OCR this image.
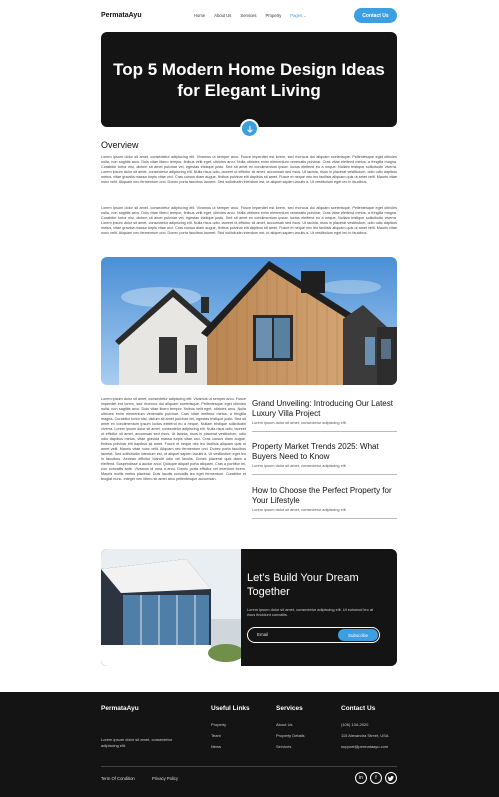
PermataAyu	Home About Us Services Property Pages ⌄	Contact Us
Top 5 Modern Home Design Ideas for Elegant Living
Overview
Lorem ipsum dolor sit amet, consectetur adipiscing elit. Vivamus ut semper arcu. Fusce imperdiet est lorem, sed rhoncus dui aliquam scelerisque. Pellentesque eget ultricies nulla, non sagittis arcu. Duis vitae libero tempor, finibus velit eget, ultricies arcu. Nulla ultricies enim elementum venenatis pulvinar. Cras vitae eleifend metus, a fringilla magna. Curabitur tortor nisi, dictum sit amet pulvinar vel, egestas tristique justo. Sed sit amet ex condimentum ipsum luctus eleifend eu a neque. Nullam tristique sollicitudin viverra. Lorem ipsum dolor sit amet, consectetur adipiscing elit. Nulla risus odio, laoreet ut efficitur sit amet, accumsan sed risus. Ut lacinia, risus in placerat vestibulum, odio odio dapibus metus, vitae gravida massa turpis vitae orci. Cras cursus diam augue, finibus pulvinar elit dapibus sit amet. Fusce et neque nec leo facilisis aliquam quis ut amet velit. Mauris vitae nunc velit. Aliquam nec fermentum orci. Donec porta faucibus laoreet. Sed sollicitudin interdum est, ut aliquet sapien iaculis a. Ut vestibulum eget leo in faucibus.
Lorem ipsum dolor sit amet, consectetur adipiscing elit. Vivamus ut semper arcu. Fusce imperdiet est lorem, sed rhoncus dui aliquam scelerisque. Pellentesque eget ultricies nulla, non sagittis arcu. Duis vitae libero tempor, finibus velit eget, ultricies arcu. Nulla ultricies enim elementum venenatis pulvinar. Cras vitae eleifend metus, a fringilla magna. Curabitur tortor nisi, dictum sit amet pulvinar vel, egestas tristique justo. Sed sit amet ex condimentum ipsum luctus eleifend eu a neque. Nullam tristique sollicitudin viverra. Lorem ipsum dolor sit amet, consectetur adipiscing elit. Nulla risus odio, laoreet ut efficitur sit amet, accumsan sed risus. Ut lacinia, risus in placerat vestibulum, odio odio dapibus metus, vitae gravida massa turpis vitae orci. Cras cursus diam augue, finibus pulvinar elit dapibus sit amet. Fusce et neque nec leo facilisis aliquam quis ut amet velit. Mauris vitae nunc velit. Aliquam nec fermentum orci. Donec porta faucibus laoreet. Sed sollicitudin interdum est, ut aliquet sapien iaculis a. Ut vestibulum eget leo in faucibus.
Lorem ipsum dolor sit amet, consectetur adipiscing elit. Vivamus ut semper arcu. Fusce imperdiet est lorem, sed rhoncus dui aliquam scelerisque. Pellentesque eget ultricies nulla, non sagittis arcu. Duis vitae libero tempor, finibus velit eget, ultricies arcu. Nulla ultricies enim elementum venenatis pulvinar. Cras vitae eleifend metus, a fringilla magna. Curabitur tortor nisi, dictum sit amet pulvinar vel, egestas tristique justo. Sed sit amet ex condimentum ipsum luctus eleifend eu a neque. Nullam tristique sollicitudin viverra. Lorem ipsum dolor sit amet, consectetur adipiscing elit. Nulla risus odio, laoreet ut efficitur sit amet, accumsan sed risus. Ut lacinia, risus in placerat vestibulum, odio odio dapibus metus, vitae gravida massa turpis vitae orci. Cras cursus diam augue, finibus pulvinar elit dapibus sit amet. Fusce et neque nec leo facilisis aliquam quis ut amet velit. Mauris vitae nunc velit. Aliquam nec fermentum orci. Donec porta faucibus laoreet. Sed sollicitudin interdum est, ut aliquet sapien iaculis a. Ut vestibulum eget leo in faucibus. Aenean efficitur blandit odio vel iaculis. Donec placerat quis diam a eleifend. Suspendisse a auctor arcu. Quisque aliquet porta aliquam. Cras a porttitor mi, non convallis ante. Vivamus id urna a arcu. Donec porta efficitur vel interdum lorem. Mauris mollis metus placerat. Duis iaculis convallis leo eget fermentum. Curabitur et feugiat nunc. Integer nec libero sit amet arcu pellentesque accumsan.
Grand Unveiling: Introducing Our Latest Luxury Villa Project
Lorem ipsum dolor sit amet, consectetur adipiscing elit.
Property Market Trends 2025: What Buyers Need to Know
Lorem ipsum dolor sit amet, consectetur adipiscing elit.
How to Choose the Perfect Property for Your Lifestyle
Lorem ipsum dolor sit amet, consectetur adipiscing elit.
Let’s Build Your Dream Together
Lorem ipsum dolor sit amet, consectetur adipiscing elit. Ut euismod leo at risus tincidunt convallis.
Email	Subscribe
PermataAyu
Lorem ipsum dolor sit amet, consectetur adipiscing elit.
Useful Links
Property
Team
News
Services
About Us
Property Details
Services
Contact Us
(106) 134-2920
115 Alexandra Street, USA
support@permataayu.com
Term Of Condition	Privacy Policy	in	f
